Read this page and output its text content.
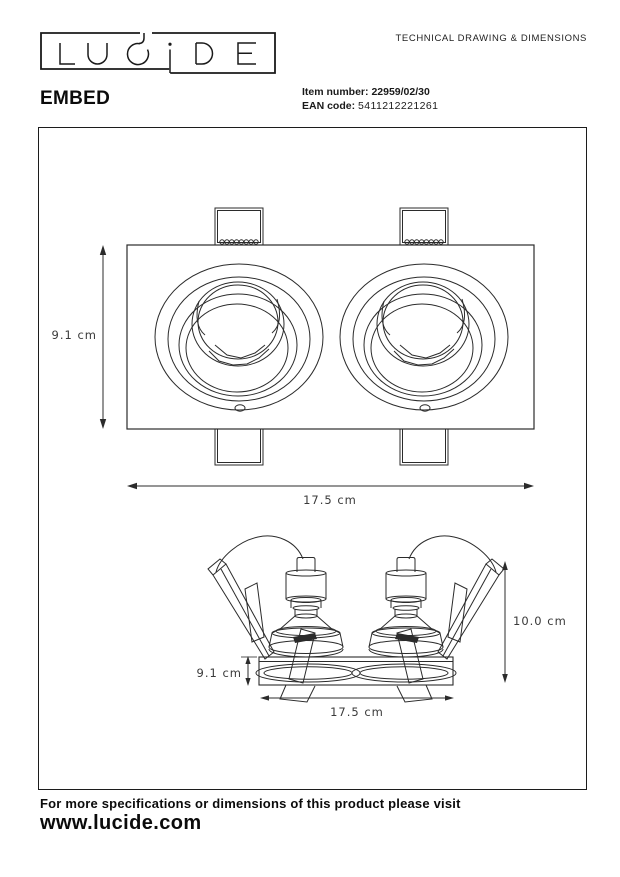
TECHNICAL DRAWING & DIMENSIONS
EMBED	Item number: 22959/02/30
EAN code: 5411212221261
9.1 cm
17.5 cm
10.0 cm
9.1 cm
17.5 cm
For more specifications or dimensions of this product please visit
www.lucide.com
